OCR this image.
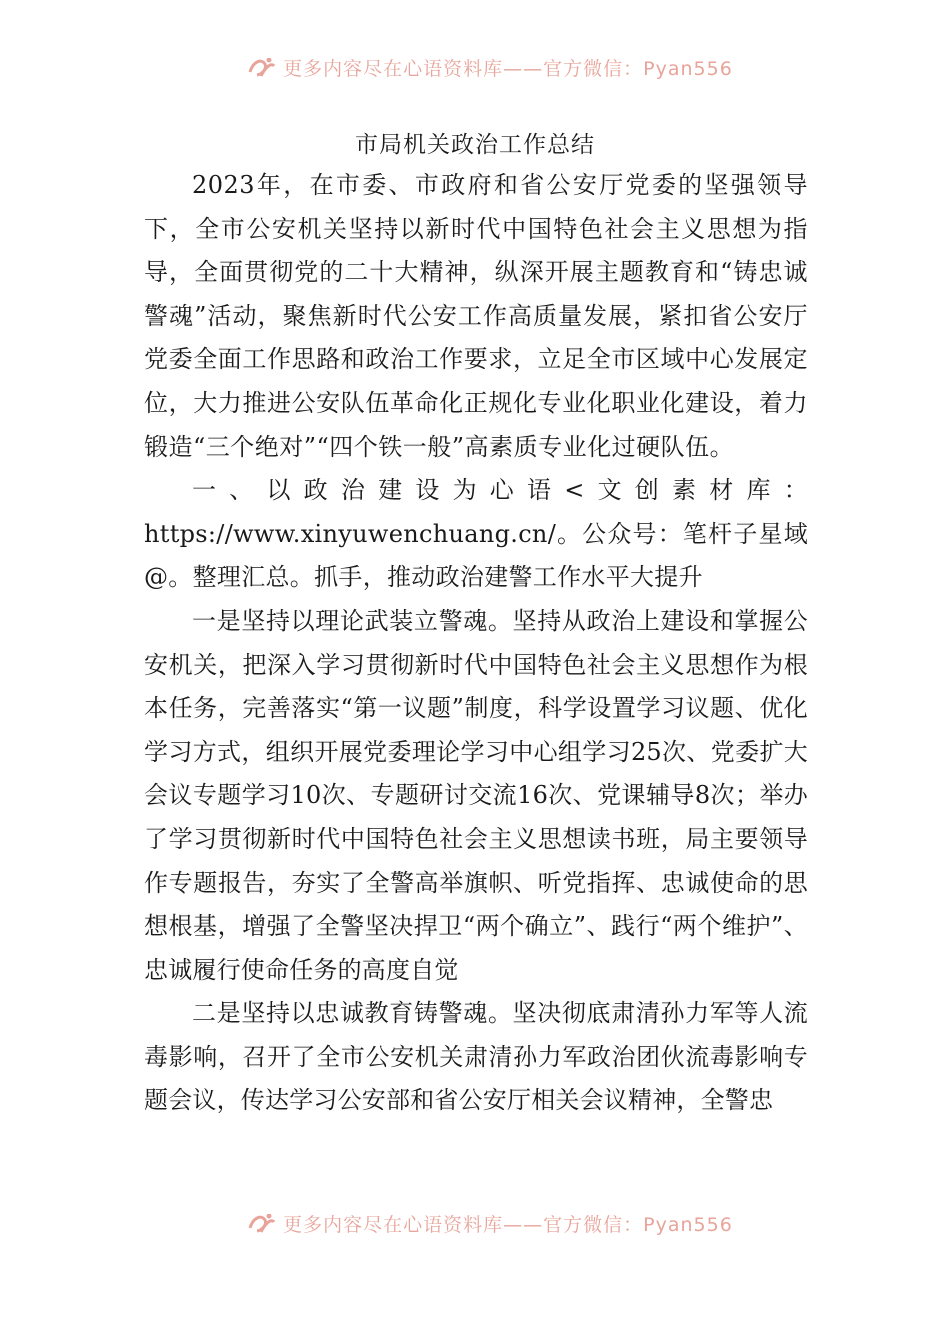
更多内容尽在心语资料库——官方微信：Pyan556
市局机关政治工作总结

2023年，在市委、市政府和省公安厅党委的坚强领导下，全市公安机关坚持以新时代中国特色社会主义思想为指导，全面贯彻党的二十大精神，纵深开展主题教育和“铸忠诚警魂”活动，聚焦新时代公安工作高质量发展，紧扣省公安厅党委全面工作思路和政治工作要求，立足全市区域中心发展定位，大力推进公安队伍革命化正规化专业化职业化建设，着力锻造“三个绝对”“四个铁一般”高素质专业化过硬队伍。

一、以政治建设为心语<文创素材库：https://www.xinyuwenchuang.cn/。公众号：笔杆子星域@。整理汇总。抓手，推动政治建警工作水平大提升

一是坚持以理论武装立警魂。坚持从政治上建设和掌握公安机关，把深入学习贯彻新时代中国特色社会主义思想作为根本任务，完善落实“第一议题”制度，科学设置学习议题、优化学习方式，组织开展党委理论学习中心组学习25次、党委扩大会议专题学习10次、专题研讨交流16次、党课辅导8次；举办了学习贯彻新时代中国特色社会主义思想读书班，局主要领导作专题报告，夯实了全警高举旗帜、听党指挥、忠诚使命的思想根基，增强了全警坚决捍卫“两个确立”、践行“两个维护”、忠诚履行使命任务的高度自觉

二是坚持以忠诚教育铸警魂。坚决彻底肃清孙力军等人流毒影响，召开了全市公安机关肃清孙力军政治团伙流毒影响专题会议，传达学习公安部和省公安厅相关会议精神，全警忠

更多内容尽在心语资料库——官方微信：Pyan556
